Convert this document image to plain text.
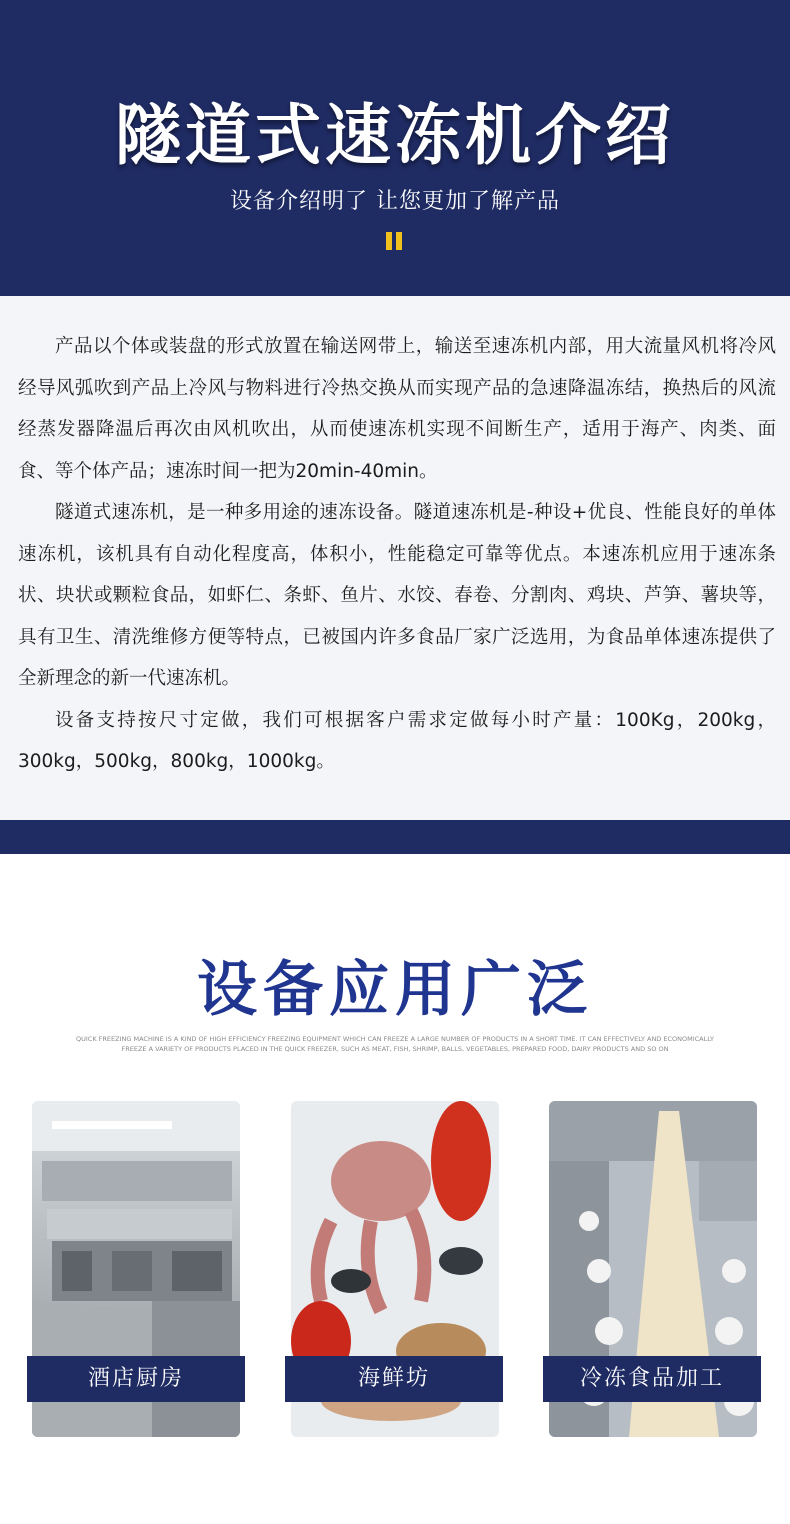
隧道式速冻机介绍
设备介绍明了 让您更加了解产品

产品以个体或装盘的形式放置在输送网带上，输送至速冻机内部，用大流量风机将冷风经导风弧吹到产品上冷风与物料进行冷热交换从而实现产品的急速降温冻结，换热后的风流经蒸发器降温后再次由风机吹出，从而使速冻机实现不间断生产，适用于海产、肉类、面食、等个体产品；速冻时间一把为20min-40min。

隧道式速冻机，是一种多用途的速冻设备。隧道速冻机是-种设+优良、性能良好的单体速冻机，该机具有自动化程度高，体积小，性能稳定可靠等优点。本速冻机应用于速冻条状、块状或颗粒食品，如虾仁、条虾、鱼片、水饺、春卷、分割肉、鸡块、芦笋、薯块等，具有卫生、清洗维修方便等特点，已被国内许多食品厂家广泛选用，为食品单体速冻提供了全新理念的新一代速冻机。

设备支持按尺寸定做，我们可根据客户需求定做每小时产量：100Kg，200kg，300kg，500kg，800kg，1000kg。

设备应用广泛
QUICK FREEZING MACHINE IS A KIND OF HIGH EFFICIENCY FREEZING EQUIPMENT WHICH CAN FREEZE A LARGE NUMBER OF PRODUCTS IN A SHORT TIME. IT CAN EFFECTIVELY AND ECONOMICALLY FREEZE A VARIETY OF PRODUCTS PLACED IN THE QUICK FREEZER, SUCH AS MEAT, FISH, SHRIMP, BALLS, VEGETABLES, PREPARED FOOD, DAIRY PRODUCTS AND SO ON
酒店厨房	海鲜坊	冷冻食品加工
